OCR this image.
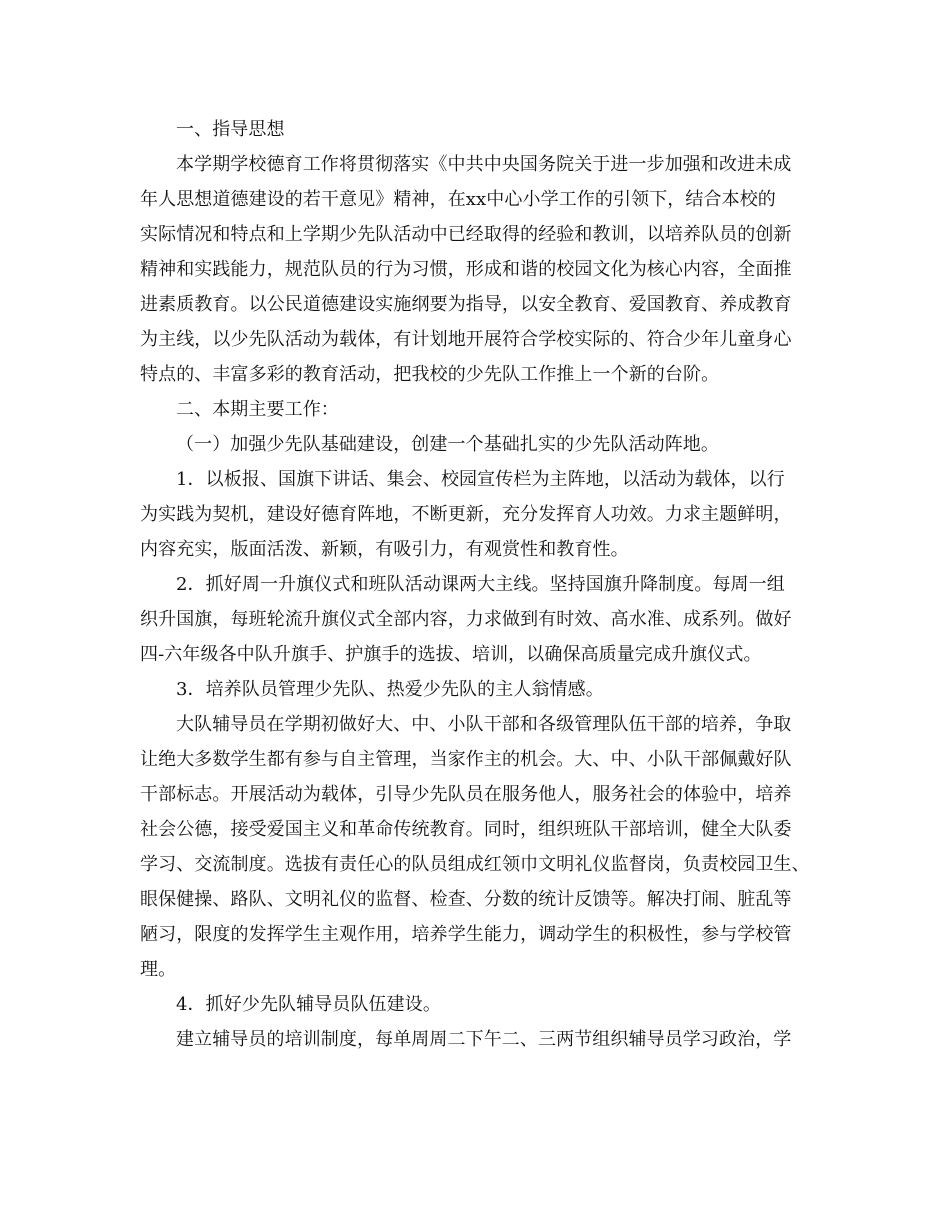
一、指导思想
本学期学校德育工作将贯彻落实《中共中央国务院关于进一步加强和改进未成
年人思想道德建设的若干意见》精神，在xx中心小学工作的引领下，结合本校的
实际情况和特点和上学期少先队活动中已经取得的经验和教训，以培养队员的创新
精神和实践能力，规范队员的行为习惯，形成和谐的校园文化为核心内容，全面推
进素质教育。以公民道德建设实施纲要为指导，以安全教育、爱国教育、养成教育
为主线，以少先队活动为载体，有计划地开展符合学校实际的、符合少年儿童身心
特点的、丰富多彩的教育活动，把我校的少先队工作推上一个新的台阶。
二、本期主要工作：
（一）加强少先队基础建设，创建一个基础扎实的少先队活动阵地。
1．以板报、国旗下讲话、集会、校园宣传栏为主阵地，以活动为载体，以行
为实践为契机，建设好德育阵地，不断更新，充分发挥育人功效。力求主题鲜明，
内容充实，版面活泼、新颖，有吸引力，有观赏性和教育性。
2．抓好周一升旗仪式和班队活动课两大主线。坚持国旗升降制度。每周一组
织升国旗，每班轮流升旗仪式全部内容，力求做到有时效、高水准、成系列。做好
四-六年级各中队升旗手、护旗手的选拔、培训，以确保高质量完成升旗仪式。
3．培养队员管理少先队、热爱少先队的主人翁情感。
大队辅导员在学期初做好大、中、小队干部和各级管理队伍干部的培养，争取
让绝大多数学生都有参与自主管理，当家作主的机会。大、中、小队干部佩戴好队
干部标志。开展活动为载体，引导少先队员在服务他人，服务社会的体验中，培养
社会公德，接受爱国主义和革命传统教育。同时，组织班队干部培训，健全大队委
学习、交流制度。选拔有责任心的队员组成红领巾文明礼仪监督岗，负责校园卫生、
眼保健操、路队、文明礼仪的监督、检查、分数的统计反馈等。解决打闹、脏乱等
陋习，限度的发挥学生主观作用，培养学生能力，调动学生的积极性，参与学校管
理。
4．抓好少先队辅导员队伍建设。
建立辅导员的培训制度，每单周周二下午二、三两节组织辅导员学习政治，学
